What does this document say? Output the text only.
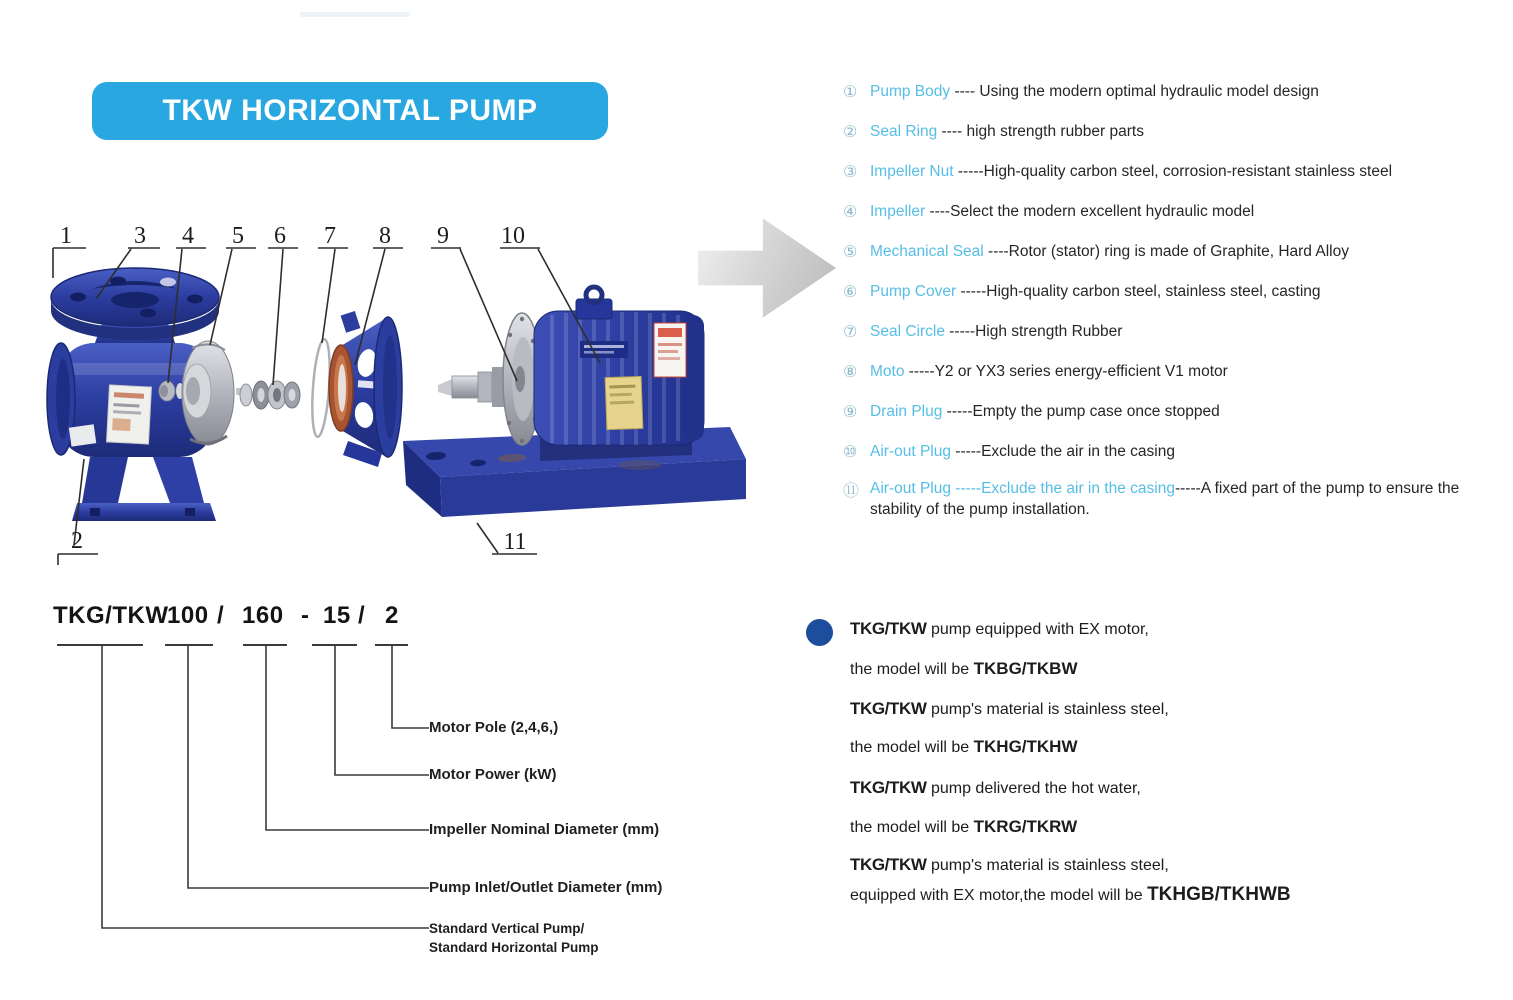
TKW HORIZONTAL PUMP
1	3 4 5 6 7 8 9 10
2	11
① Pump Body ---- Using the modern optimal hydraulic model design
② Seal Ring ---- high strength rubber parts
③ Impeller Nut -----High-quality carbon steel, corrosion-resistant stainless steel
④ Impeller ----Select the modern excellent hydraulic model
⑤ Mechanical Seal ----Rotor (stator) ring is made of Graphite, Hard Alloy
⑥ Pump Cover -----High-quality carbon steel, stainless steel, casting
⑦ Seal Circle -----High strength Rubber
⑧ Moto -----Y2 or YX3 series energy-efficient V1 motor
⑨ Drain Plug -----Empty the pump case once stopped
⑩ Air-out Plug -----Exclude the air in the casing
⑪ Air-out Plug -----Exclude the air in the casing-----A fixed part of the pump to ensure the stability of the pump installation.
TKG/TKW
100 / 160 - 15 / 2
Motor Pole (2,4,6,)
Motor Power (kW)
Impeller Nominal Diameter (mm)
Pump Inlet/Outlet Diameter (mm)
Standard Vertical Pump/
Standard Horizontal Pump
TKG/TKW pump equipped with EX motor,
the model will be TKBG/TKBW
TKG/TKW pump's material is stainless steel,
the model will be TKHG/TKHW
TKG/TKW pump delivered the hot water,
the model will be TKRG/TKRW
TKG/TKW pump's material is stainless steel,
equipped with EX motor,the model will be TKHGB/TKHWB
